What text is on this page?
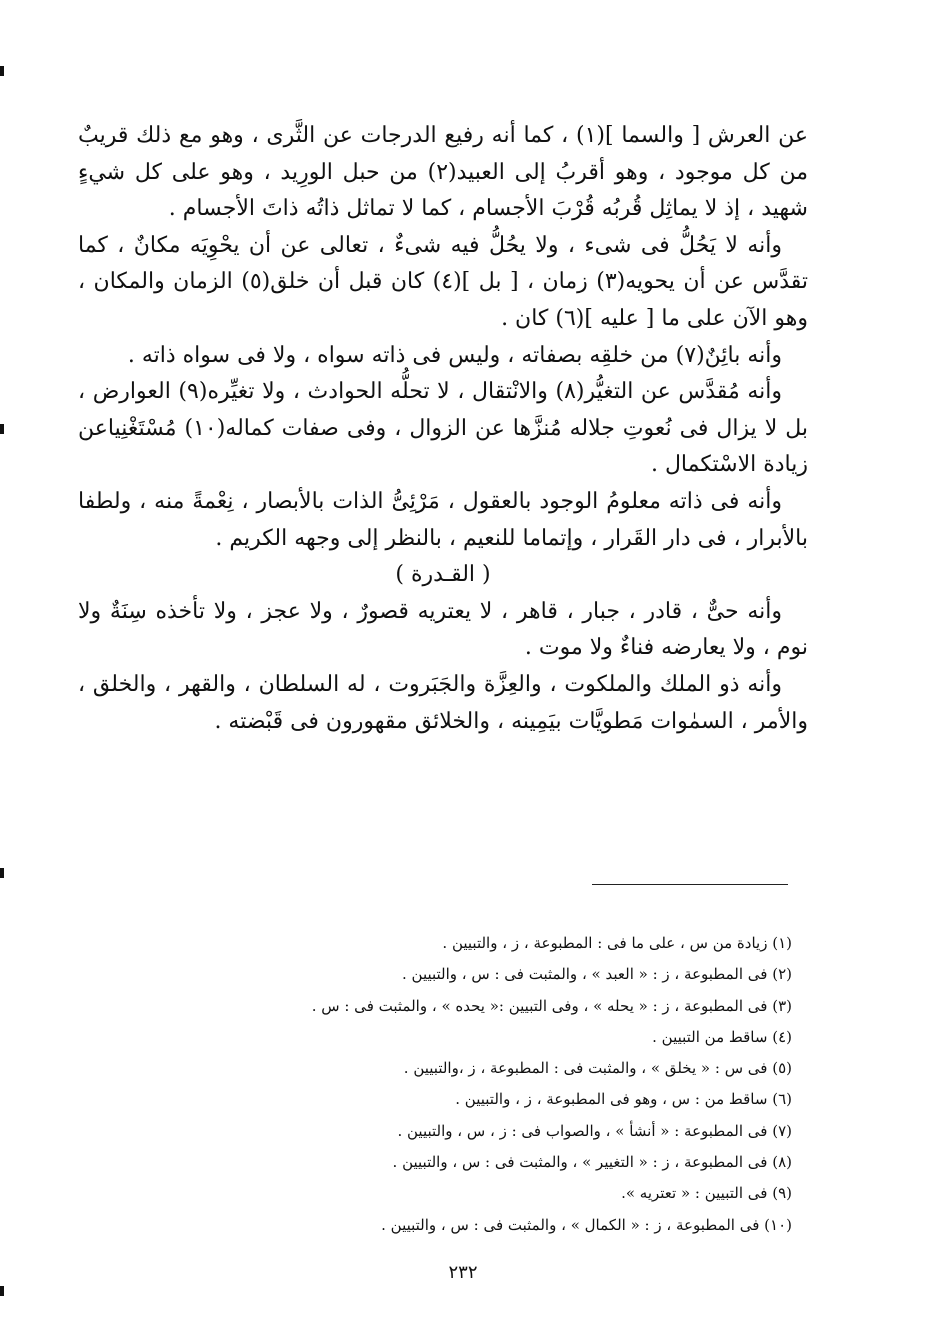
عن العرش [ والسما ](١) ، كما أنه رفيع الدرجات عن الثَّرى ، وهو مع ذلك قريبٌ من كل موجود ، وهو أقربُ إلى العبيد(٢) من حبل الورِيد ، وهو على كل شيءٍ شهيد ، إذ لا يماثِل قُربُه قُرْبَ الأجسام ، كما لا تماثل ذاتُه ذاتَ الأجسام .

وأنه لا يَحُلُّ فى شىء ، ولا يحُلُّ فيه شىءٌ ، تعالى عن أن يحْوِيَه مكانٌ ، كما تقدَّس عن أن يحويه(٣) زمان ، [ بل ](٤) كان قبل أن خلق(٥) الزمان والمكان ، وهو الآن على ما [ عليه ](٦) كان .

وأنه بائِنٌ(٧) من خلقِه بصفاته ، وليس فى ذاته سواه ، ولا فى سواه ذاته .

وأنه مُقدَّس عن التغيُّر(٨) والانْتقال ، لا تحلُّه الحوادث ، ولا تغيِّره(٩) العوارض ، بل لا يزال فى نُعوتِ جلاله مُنزَّها عن الزوال ، وفى صفات كماله(١٠) مُسْتَغْنِياعن زيادة الاسْتكمال .

وأنه فى ذاته معلومُ الوجود بالعقول ، مَرْئِىُّ الذات بالأبصار ، نِعْمةً منه ، ولطفا بالأبرار ، فى دار القَرار ، وإتماما للنعيم ، بالنظر إلى وجهه الكريم .

( القـدرة )

وأنه حىٌّ ، قادر ، جبار ، قاهر ، لا يعتريه قصورٌ ، ولا عجز ، ولا تأخذه سِنَةٌ ولا نوم ، ولا يعارضه فناءٌ ولا موت .

وأنه ذو الملك والملكوت ، والعِزَّة والجَبَروت ، له السلطان ، والقهر ، والخلق ، والأمر ، السمٰوات مَطويَّات بيَمِينه ، والخلائق مقهورون فى قَبْضته .

(١) زيادة من س ، على ما فى : المطبوعة ، ز ، والتبيين .
(٢) فى المطبوعة ، ز : « العبد » ، والمثبت فى : س ، والتبيين .
(٣) فى المطبوعة ، ز : « يحله » ، وفى التبيين :« يحده » ، والمثبت فى : س .
(٤) ساقط من التبيين .
(٥) فى س : « يخلق » ، والمثبت فى : المطبوعة ، ز ،والتبيين .
(٦) ساقط من : س ، وهو فى المطبوعة ، ز ، والتبيين .
(٧) فى المطبوعة : « أنشأ » ، والصواب فى : ز ، س ، والتبيين .
(٨) فى المطبوعة ، ز : « التغيير » ، والمثبت فى : س ، والتبيين .
(٩) فى التبيين : « تعتريه ».
(١٠) فى المطبوعة ، ز : « الكمال » ، والمثبت فى : س ، والتبيين .
٢٣٢
